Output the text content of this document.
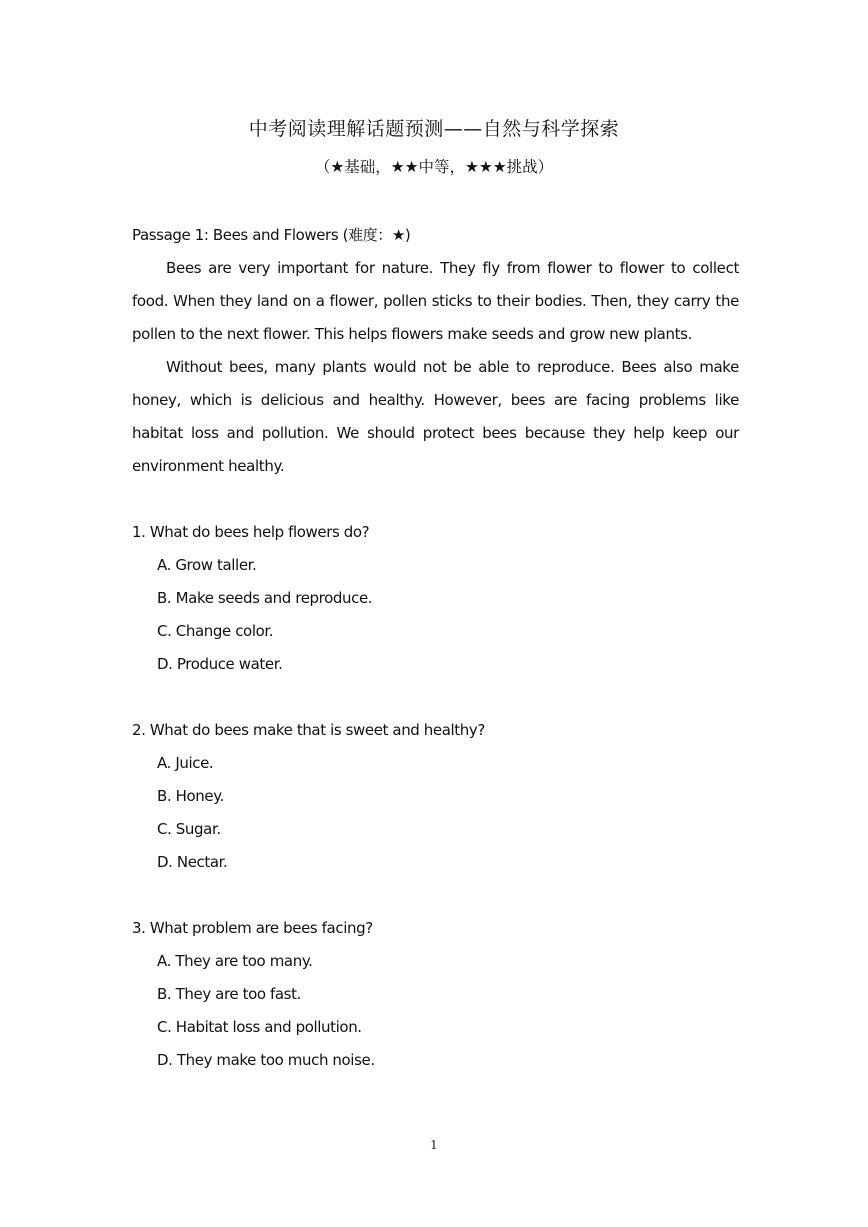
中考阅读理解话题预测——自然与科学探索

（★基础，★★中等，★★★挑战）

Passage 1: Bees and Flowers (难度：★)

Bees are very important for nature. They fly from flower to flower to collect food. When they land on a flower, pollen sticks to their bodies. Then, they carry the pollen to the next flower. This helps flowers make seeds and grow new plants.

Without bees, many plants would not be able to reproduce. Bees also make honey, which is delicious and healthy. However, bees are facing problems like habitat loss and pollution. We should protect bees because they help keep our environment healthy.

1. What do bees help flowers do?

A. Grow taller.
B. Make seeds and reproduce.
C. Change color.
D. Produce water.

2. What do bees make that is sweet and healthy?

A. Juice.
B. Honey.
C. Sugar.
D. Nectar.

3. What problem are bees facing?

A. They are too many.
B. They are too fast.
C. Habitat loss and pollution.
D. They make too much noise.
1
